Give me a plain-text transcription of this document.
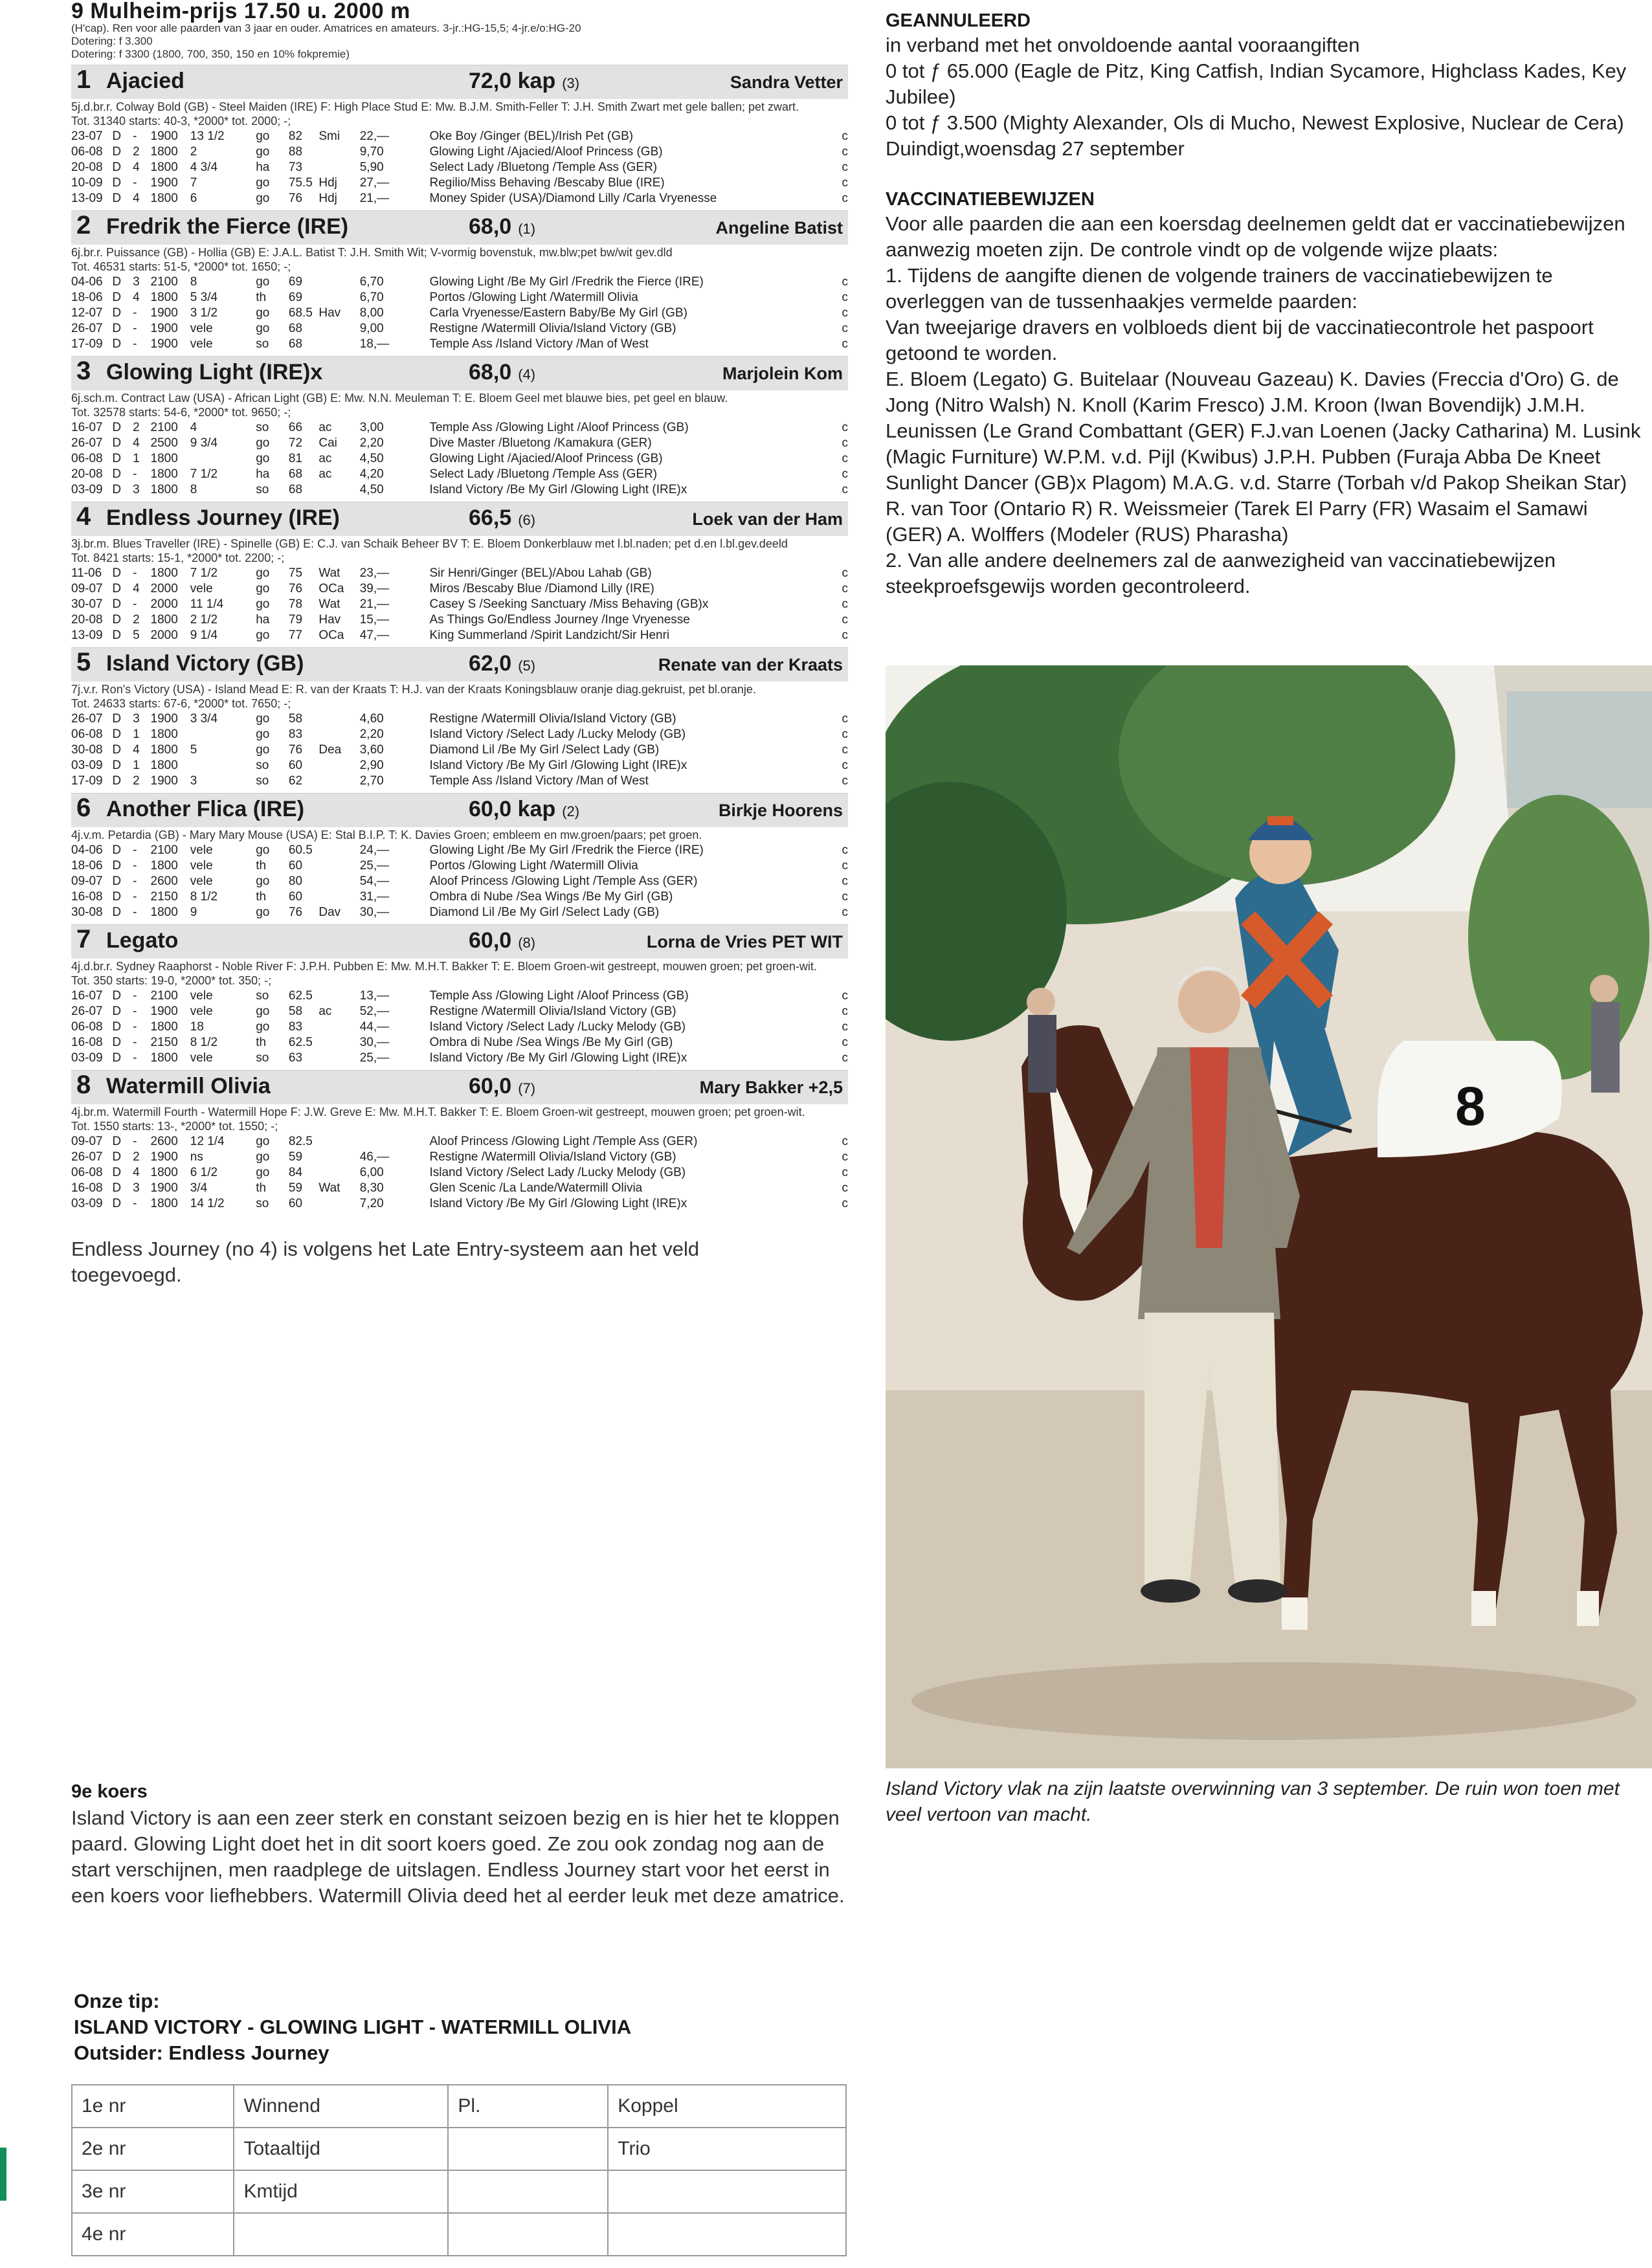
9 Mulheim-prijs 17.50 u. 2000 m
(H'cap). Ren voor alle paarden van 3 jaar en ouder. Amatrices en amateurs. 3-jr.:HG-15,5; 4-jr.e/o:HG-20
Dotering: f 3.300
Dotering: f 3300 (1800, 700, 350, 150 en 10% fokpremie)
1 Ajacied	72,0 kap (3)	Sandra Vetter
5j.d.br.r. Colway Bold (GB) - Steel Maiden (IRE) F: High Place Stud E: Mw. B.J.M. Smith-Feller T: J.H. Smith Zwart met gele ballen; pet zwart.
Tot. 31340 starts: 40-3, *2000* tot. 2000; -;
23-07	D	-	1900	13 1/2	go	82	Smi	22,—	Oke Boy /Ginger (BEL)/Irish Pet (GB)	c
06-08	D	2	1800	2	go	88		9,70	Glowing Light /Ajacied/Aloof Princess (GB)	c
20-08	D	4	1800	4 3/4	ha	73		5,90	Select Lady /Bluetong /Temple Ass (GER)	c
10-09	D	-	1900	7	go	75.5	Hdj	27,—	Regilio/Miss Behaving /Bescaby Blue (IRE)	c
13-09	D	4	1800	6	go	76	Hdj	21,—	Money Spider (USA)/Diamond Lilly /Carla Vryenesse	c
2 Fredrik the Fierce (IRE)	68,0 (1)	Angeline Batist
6j.br.r. Puissance (GB) - Hollia (GB) E: J.A.L. Batist T: J.H. Smith Wit; V-vormig bovenstuk, mw.blw;pet bw/wit gev.dld
Tot. 46531 starts: 51-5, *2000* tot. 1650; -;
04-06	D	3	2100	8	go	69		6,70	Glowing Light /Be My Girl /Fredrik the Fierce (IRE)	c
18-06	D	4	1800	5 3/4	th	69		6,70	Portos /Glowing Light /Watermill Olivia	c
12-07	D	-	1900	3 1/2	go	68.5	Hav	8,00	Carla Vryenesse/Eastern Baby/Be My Girl (GB)	c
26-07	D	-	1900	vele	go	68		9,00	Restigne /Watermill Olivia/Island Victory (GB)	c
17-09	D	-	1900	vele	so	68		18,—	Temple Ass /Island Victory /Man of West	c
3 Glowing Light (IRE)x	68,0 (4)	Marjolein Kom
6j.sch.m. Contract Law (USA) - African Light (GB) E: Mw. N.N. Meuleman T: E. Bloem Geel met blauwe bies, pet geel en blauw.
Tot. 32578 starts: 54-6, *2000* tot. 9650; -;
16-07	D	2	2100	4	so	66	ac	3,00	Temple Ass /Glowing Light /Aloof Princess (GB)	c
26-07	D	4	2500	9 3/4	go	72	Cai	2,20	Dive Master /Bluetong /Kamakura (GER)	c
06-08	D	1	1800		go	81	ac	4,50	Glowing Light /Ajacied/Aloof Princess (GB)	c
20-08	D	-	1800	7 1/2	ha	68	ac	4,20	Select Lady /Bluetong /Temple Ass (GER)	c
03-09	D	3	1800	8	so	68		4,50	Island Victory /Be My Girl /Glowing Light (IRE)x	c
4 Endless Journey (IRE)	66,5 (6)	Loek van der Ham
3j.br.m. Blues Traveller (IRE) - Spinelle (GB) E: C.J. van Schaik Beheer BV T: E. Bloem Donkerblauw met l.bl.naden; pet d.en l.bl.gev.deeld
Tot. 8421 starts: 15-1, *2000* tot. 2200; -;
11-06	D	-	1800	7 1/2	go	75	Wat	23,—	Sir Henri/Ginger (BEL)/Abou Lahab (GB)	c
09-07	D	4	2000	vele	go	76	OCa	39,—	Miros /Bescaby Blue /Diamond Lilly (IRE)	c
30-07	D	-	2000	11 1/4	go	78	Wat	21,—	Casey S /Seeking Sanctuary /Miss Behaving (GB)x	c
20-08	D	2	1800	2 1/2	ha	79	Hav	15,—	As Things Go/Endless Journey /Inge Vryenesse	c
13-09	D	5	2000	9 1/4	go	77	OCa	47,—	King Summerland /Spirit Landzicht/Sir Henri	c
5 Island Victory (GB)	62,0 (5)	Renate van der Kraats
7j.v.r. Ron's Victory (USA) - Island Mead E: R. van der Kraats T: H.J. van der Kraats Koningsblauw oranje diag.gekruist, pet bl.oranje.
Tot. 24633 starts: 67-6, *2000* tot. 7650; -;
26-07	D	3	1900	3 3/4	go	58		4,60	Restigne /Watermill Olivia/Island Victory (GB)	c
06-08	D	1	1800		go	83		2,20	Island Victory /Select Lady /Lucky Melody (GB)	c
30-08	D	4	1800	5	go	76	Dea	3,60	Diamond Lil /Be My Girl /Select Lady (GB)	c
03-09	D	1	1800		so	60		2,90	Island Victory /Be My Girl /Glowing Light (IRE)x	c
17-09	D	2	1900	3	so	62		2,70	Temple Ass /Island Victory /Man of West	c
6 Another Flica (IRE)	60,0 kap (2)	Birkje Hoorens
4j.v.m. Petardia (GB) - Mary Mary Mouse (USA) E: Stal B.I.P. T: K. Davies Groen; embleem en mw.groen/paars; pet groen.
04-06	D	-	2100	vele	go	60.5		24,—	Glowing Light /Be My Girl /Fredrik the Fierce (IRE)	c
18-06	D	-	1800	vele	th	60		25,—	Portos /Glowing Light /Watermill Olivia	c
09-07	D	-	2600	vele	go	80		54,—	Aloof Princess /Glowing Light /Temple Ass (GER)	c
16-08	D	-	2150	8 1/2	th	60		31,—	Ombra di Nube /Sea Wings /Be My Girl (GB)	c
30-08	D	-	1800	9	go	76	Dav	30,—	Diamond Lil /Be My Girl /Select Lady (GB)	c
7 Legato	60,0 (8)	Lorna de Vries PET WIT
4j.d.br.r. Sydney Raaphorst - Noble River F: J.P.H. Pubben E: Mw. M.H.T. Bakker T: E. Bloem Groen-wit gestreept, mouwen groen; pet groen-wit.
Tot. 350 starts: 19-0, *2000* tot. 350; -;
16-07	D	-	2100	vele	so	62.5		13,—	Temple Ass /Glowing Light /Aloof Princess (GB)	c
26-07	D	-	1900	vele	go	58	ac	52,—	Restigne /Watermill Olivia/Island Victory (GB)	c
06-08	D	-	1800	18	go	83		44,—	Island Victory /Select Lady /Lucky Melody (GB)	c
16-08	D	-	2150	8 1/2	th	62.5		30,—	Ombra di Nube /Sea Wings /Be My Girl (GB)	c
03-09	D	-	1800	vele	so	63		25,—	Island Victory /Be My Girl /Glowing Light (IRE)x	c
8 Watermill Olivia	60,0 (7)	Mary Bakker +2,5
4j.br.m. Watermill Fourth - Watermill Hope F: J.W. Greve E: Mw. M.H.T. Bakker T: E. Bloem Groen-wit gestreept, mouwen groen; pet groen-wit.
Tot. 1550 starts: 13-, *2000* tot. 1550; -;
09-07	D	-	2600	12 1/4	go	82.5			Aloof Princess /Glowing Light /Temple Ass (GER)	c
26-07	D	2	1900	ns	go	59		46,—	Restigne /Watermill Olivia/Island Victory (GB)	c
06-08	D	4	1800	6 1/2	go	84		6,00	Island Victory /Select Lady /Lucky Melody (GB)	c
16-08	D	3	1900	3/4	th	59	Wat	8,30	Glen Scenic /La Lande/Watermill Olivia	c
03-09	D	-	1800	14 1/2	so	60		7,20	Island Victory /Be My Girl /Glowing Light (IRE)x	c
Endless Journey (no 4) is volgens het Late Entry-systeem aan het veld toegevoegd.
9e koers
Island Victory is aan een zeer sterk en constant seizoen bezig en is hier het te kloppen paard. Glowing Light doet het in dit soort koers goed. Ze zou ook zondag nog aan de start verschijnen, men raadplege de uitslagen. Endless Journey start voor het eerst in een koers voor liefhebbers. Watermill Olivia deed het al eerder leuk met deze amatrice.
Onze tip:
ISLAND VICTORY - GLOWING LIGHT - WATERMILL OLIVIA
Outsider: Endless Journey
1e nr	Winnend	Pl.	Koppel
2e nr	Totaaltijd		Trio
3e nr	Kmtijd		
4e nr			
GEANNULEERD

in verband met het onvoldoende aantal vooraangiften

0 tot ƒ 65.000 (Eagle de Pitz, King Catfish, Indian Sycamore, Highclass Kades, Key Jubilee)

0 tot ƒ 3.500 (Mighty Alexander, Ols di Mucho, Newest Explosive, Nuclear de Cera)

Duindigt,woensdag 27 september

VACCINATIEBEWIJZEN

Voor alle paarden die aan een koersdag deelnemen geldt dat er vaccinatiebewijzen aanwezig moeten zijn. De controle vindt op de volgende wijze plaats:

1. Tijdens de aangifte dienen de volgende trainers de vaccinatiebewijzen te overleggen van de tussenhaakjes vermelde paarden:

Van tweejarige dravers en volbloeds dient bij de vaccinatiecontrole het paspoort getoond te worden.

E. Bloem (Legato) G. Buitelaar (Nouveau Gazeau) K. Davies (Freccia d'Oro) G. de Jong (Nitro Walsh) N. Knoll (Karim Fresco) J.M. Kroon (Iwan Bovendijk) J.M.H. Leunissen (Le Grand Combattant (GER) F.J.van Loenen (Jacky Catharina) M. Lusink (Magic Furniture) W.P.M. v.d. Pijl (Kwibus) J.P.H. Pubben (Furaja Abba De Kneet Sunlight Dancer (GB)x Plagom) M.A.G. v.d. Starre (Torbah v/d Pakop Sheikan Star) R. van Toor (Ontario R) R. Weissmeier (Tarek El Parry (FR) Wasaim el Samawi (GER) A. Wolffers (Modeler (RUS) Pharasha)

2. Van alle andere deelnemers zal de aanwezigheid van vaccinatiebewijzen steekproefsgewijs worden gecontroleerd.

8
Island Victory vlak na zijn laatste overwinning van 3 september. De ruin won toen met veel vertoon van macht.
